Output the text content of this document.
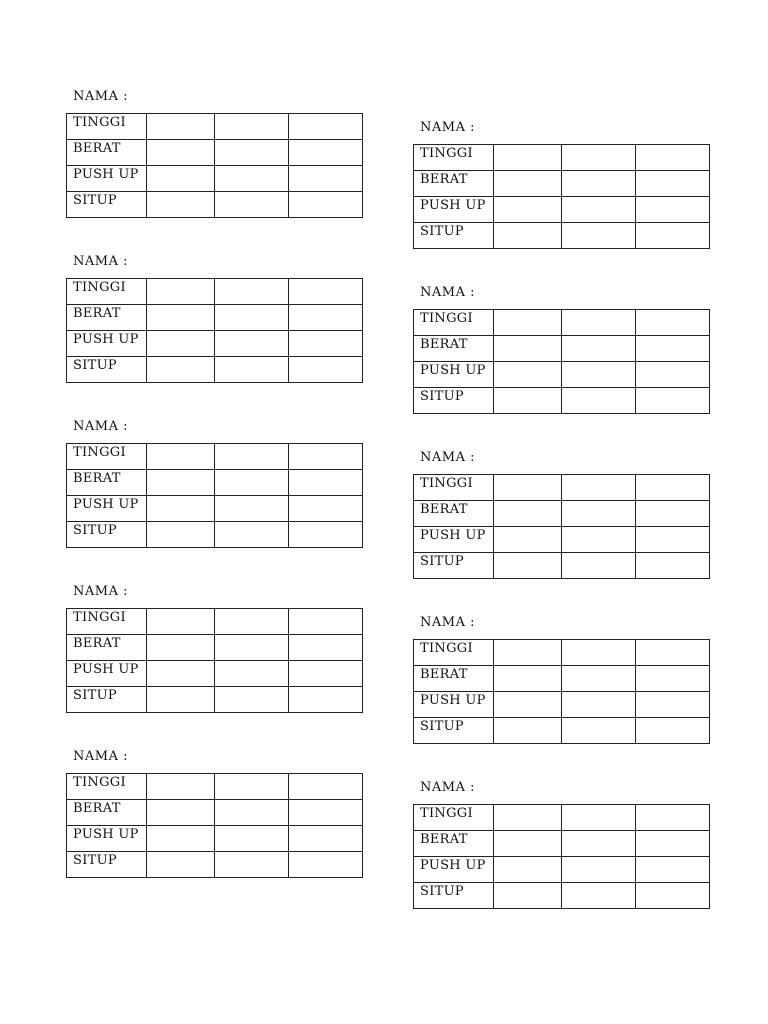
NAMA :
TINGGI			
BERAT			
PUSH UP			
SITUP			
NAMA :
TINGGI			
BERAT			
PUSH UP			
SITUP			
NAMA :
TINGGI			
BERAT			
PUSH UP			
SITUP			
NAMA :
TINGGI			
BERAT			
PUSH UP			
SITUP			
NAMA :
TINGGI			
BERAT			
PUSH UP			
SITUP			
NAMA :
TINGGI			
BERAT			
PUSH UP			
SITUP			
NAMA :
TINGGI			
BERAT			
PUSH UP			
SITUP			
NAMA :
TINGGI			
BERAT			
PUSH UP			
SITUP			
NAMA :
TINGGI			
BERAT			
PUSH UP			
SITUP			
NAMA :
TINGGI			
BERAT			
PUSH UP			
SITUP			
